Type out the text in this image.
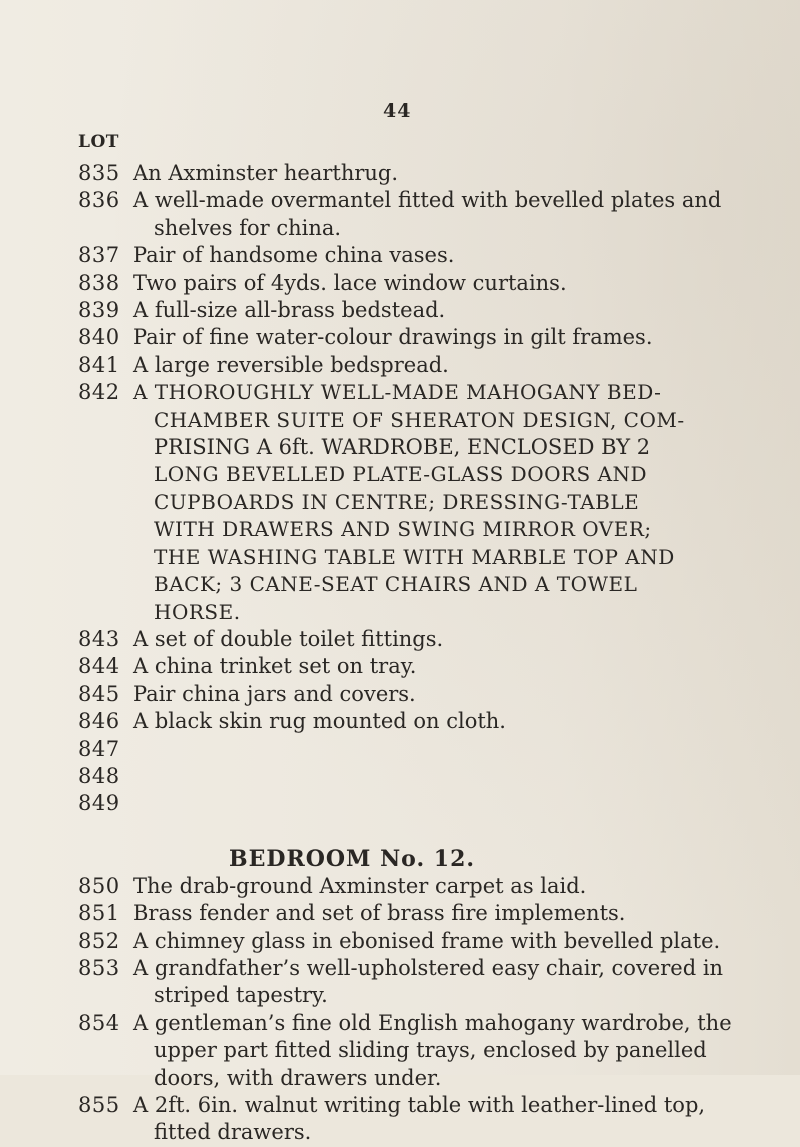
44
LOT
835 An Axminster hearthrug.
836 A well-made overmantel fitted with bevelled plates and
shelves for china.
837 Pair of handsome china vases.
838 Two pairs of 4yds. lace window curtains.
839 A full-size all-brass bedstead.
840 Pair of fine water-colour drawings in gilt frames.
841 A large reversible bedspread.
842 A THOROUGHLY WELL-MADE MAHOGANY BED-
CHAMBER SUITE OF SHERATON DESIGN, COM-
PRISING A 6ft. WARDROBE, ENCLOSED BY 2
LONG BEVELLED PLATE-GLASS DOORS AND
CUPBOARDS IN CENTRE; DRESSING-TABLE
WITH DRAWERS AND SWING MIRROR OVER;
THE WASHING TABLE WITH MARBLE TOP AND
BACK; 3 CANE-SEAT CHAIRS AND A TOWEL
HORSE.
843 A set of double toilet fittings.
844 A china trinket set on tray.
845 Pair china jars and covers.
846 A black skin rug mounted on cloth.
847

848

849

BEDROOM No. 12.
850 The drab-ground Axminster carpet as laid.
851 Brass fender and set of brass fire implements.
852 A chimney glass in ebonised frame with bevelled plate.
853 A grandfather’s well-upholstered easy chair, covered in
striped tapestry.
854 A gentleman’s fine old English mahogany wardrobe, the
upper part fitted sliding trays, enclosed by panelled
doors, with drawers under.
855 A 2ft. 6in. walnut writing table with leather-lined top,
fitted drawers.
